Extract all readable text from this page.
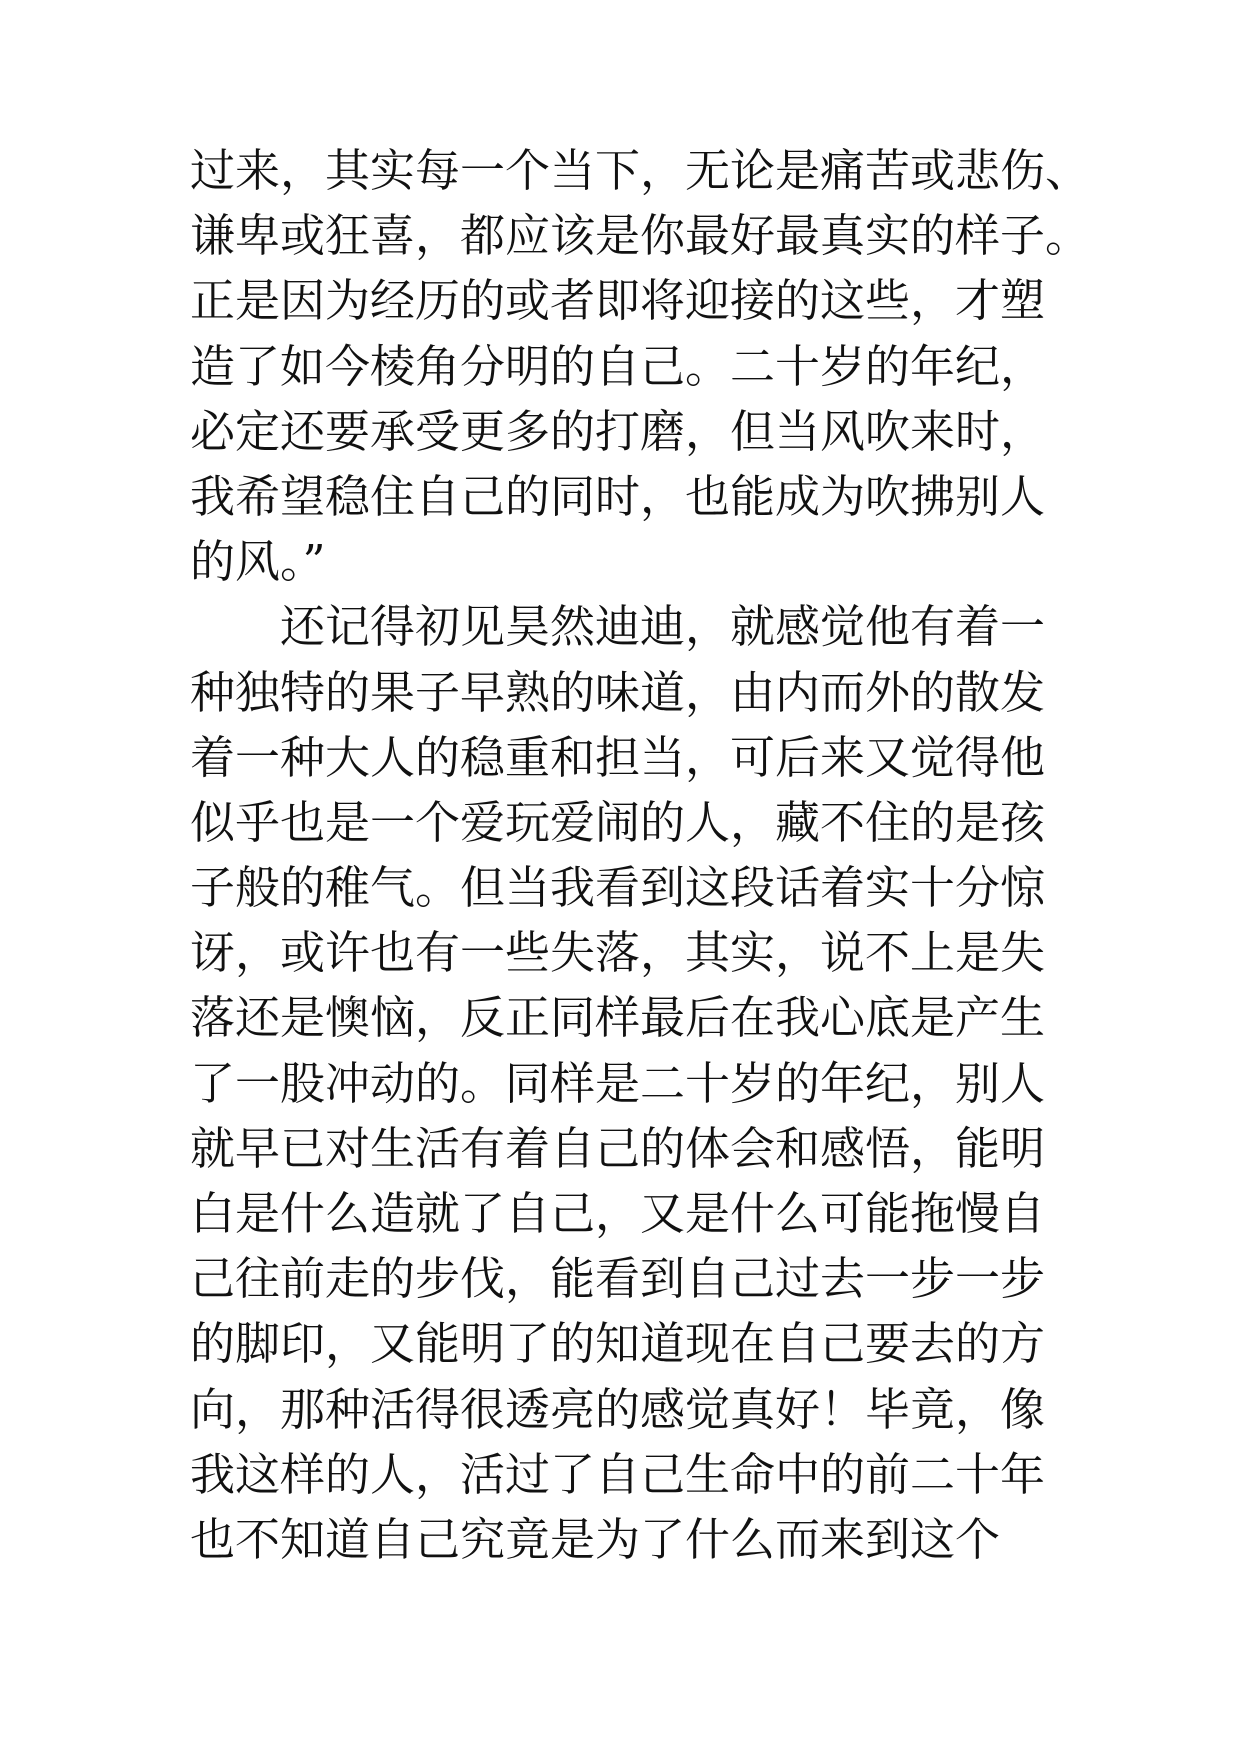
过来，其实每一个当下，无论是痛苦或悲伤、
谦卑或狂喜，都应该是你最好最真实的样子。
正是因为经历的或者即将迎接的这些，才塑
造了如今棱角分明的自己。二十岁的年纪，
必定还要承受更多的打磨，但当风吹来时，
我希望稳住自己的同时，也能成为吹拂别人
的风。”
还记得初见昊然迪迪，就感觉他有着一
种独特的果子早熟的味道，由内而外的散发
着一种大人的稳重和担当，可后来又觉得他
似乎也是一个爱玩爱闹的人，藏不住的是孩
子般的稚气。但当我看到这段话着实十分惊
讶，或许也有一些失落，其实，说不上是失
落还是懊恼，反正同样最后在我心底是产生
了一股冲动的。同样是二十岁的年纪，别人
就早已对生活有着自己的体会和感悟，能明
白是什么造就了自己，又是什么可能拖慢自
己往前走的步伐，能看到自己过去一步一步
的脚印，又能明了的知道现在自己要去的方
向，那种活得很透亮的感觉真好！毕竟，像
我这样的人，活过了自己生命中的前二十年
也不知道自己究竟是为了什么而来到这个
